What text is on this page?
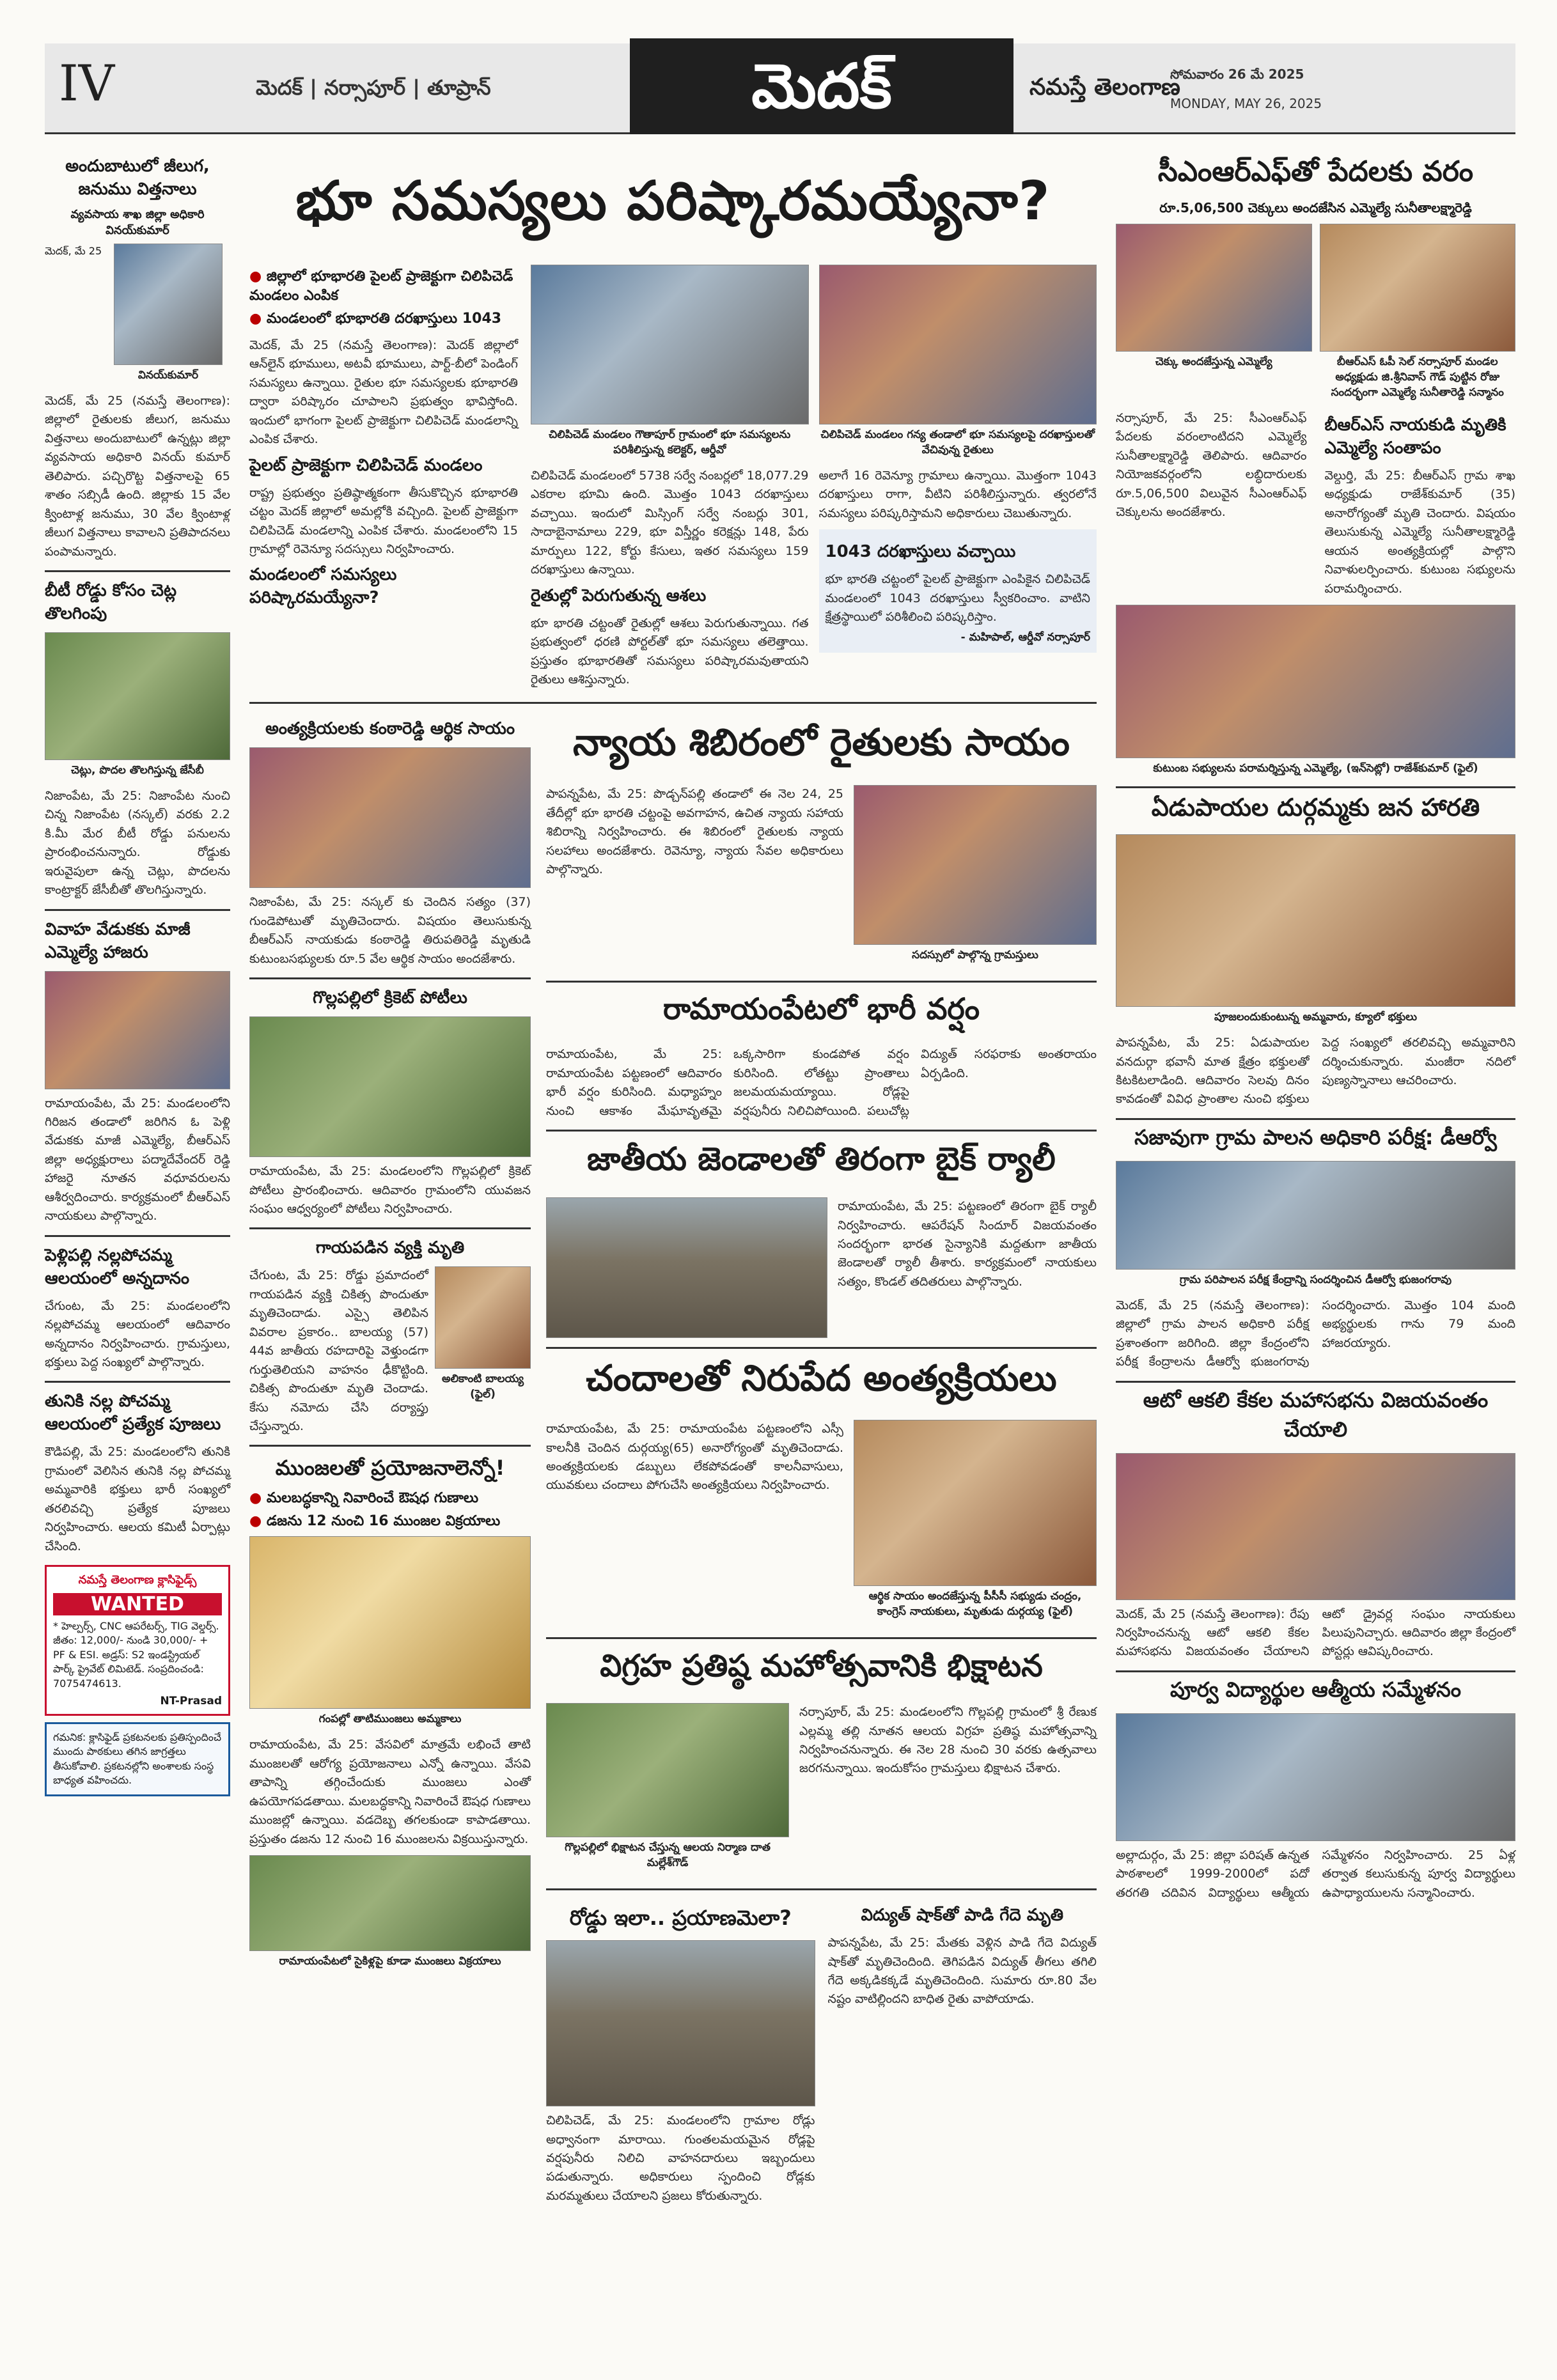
IV	మెదక్ | నర్సాపూర్ | తూప్రాన్	మెదక్	నమస్తే తెలంగాణ
సోమవారం 26 మే 2025
MONDAY, MAY 26, 2025
అందుబాటులో జీలుగ, జనుము విత్తనాలు
వ్యవసాయ శాఖ జిల్లా అధికారి వినయ్‌కుమార్
మెదక్, మే 25
వినయ్‌కుమార్
మెదక్, మే 25 (నమస్తే తెలంగాణ): జిల్లాలో రైతులకు జీలుగ, జనుము విత్తనాలు అందుబాటులో ఉన్నట్లు జిల్లా వ్యవసాయ అధికారి వినయ్ కుమార్ తెలిపారు. పచ్చిరొట్ట విత్తనాలపై 65 శాతం సబ్సిడీ ఉంది. జిల్లాకు 15 వేల క్వింటాళ్ల జనుము, 30 వేల క్వింటాళ్ల జీలుగ విత్తనాలు కావాలని ప్రతిపాదనలు పంపామన్నారు.
బీటీ రోడ్డు కోసం చెట్ల తొలగింపు
చెట్లు, పొదల తొలగిస్తున్న జేసీబీ
నిజాంపేట, మే 25: నిజాంపేట నుంచి చిన్న నిజాంపేట (నస్కల్) వరకు 2.2 కి.మీ మేర బీటీ రోడ్డు పనులను ప్రారంభించనున్నారు. రోడ్డుకు ఇరువైపులా ఉన్న చెట్లు, పొదలను కాంట్రాక్టర్ జేసీబీతో తొలగిస్తున్నారు.
వివాహ వేడుకకు మాజీ ఎమ్మెల్యే హాజరు
రామాయంపేట, మే 25: మండలంలోని గిరిజన తండాలో జరిగిన ఓ పెళ్లి వేడుకకు మాజీ ఎమ్మెల్యే, బీఆర్‌ఎస్ జిల్లా అధ్యక్షురాలు పద్మాదేవేందర్ రెడ్డి హాజరై నూతన వధూవరులను ఆశీర్వదించారు. కార్యక్రమంలో బీఆర్‌ఎస్ నాయకులు పాల్గొన్నారు.
పెళ్లిపల్లి నల్లపోచమ్మ ఆలయంలో అన్నదానం
చేగుంట, మే 25: మండలంలోని నల్లపోచమ్మ ఆలయంలో ఆదివారం అన్నదానం నిర్వహించారు. గ్రామస్తులు, భక్తులు పెద్ద సంఖ్యలో పాల్గొన్నారు.
తునికి నల్ల పోచమ్మ ఆలయంలో ప్రత్యేక పూజలు
కౌడిపల్లి, మే 25: మండలంలోని తునికి గ్రామంలో వెలిసిన తునికి నల్ల పోచమ్మ అమ్మవారికి భక్తులు భారీ సంఖ్యలో తరలివచ్చి ప్రత్యేక పూజలు నిర్వహించారు. ఆలయ కమిటీ ఏర్పాట్లు చేసింది.
నమస్తే తెలంగాణ క్లాసిఫైడ్స్
WANTED
* హెల్పర్స్, CNC ఆపరేటర్స్, TIG వెల్డర్స్. జీతం: 12,000/- నుండి 30,000/- + PF & ESI. అడ్రస్: S2 ఇండస్ట్రియల్ పార్క్ ప్రైవేట్ లిమిటెడ్. సంప్రదించండి: 7075474613.
NT-Prasad
గమనిక: క్లాసిఫైడ్ ప్రకటనలకు ప్రతిస్పందించే ముందు పాఠకులు తగిన జాగ్రత్తలు తీసుకోవాలి. ప్రకటనల్లోని అంశాలకు సంస్థ బాధ్యత వహించదు.
భూ సమస్యలు పరిష్కారమయ్యేనా?
● జిల్లాలో భూభారతి పైలట్ ప్రాజెక్టుగా చిలిపిచెడ్ మండలం ఎంపిక
● మండలంలో భూభారతి దరఖాస్తులు 1043
మెదక్, మే 25 (నమస్తే తెలంగాణ): మెదక్ జిల్లాలో ఆన్‌లైన్ భూములు, అటవీ భూములు, పార్ట్-బీలో పెండింగ్ సమస్యలు ఉన్నాయి. రైతుల భూ సమస్యలకు భూభారతి ద్వారా పరిష్కారం చూపాలని ప్రభుత్వం భావిస్తోంది. ఇందులో భాగంగా పైలట్ ప్రాజెక్టుగా చిలిపిచెడ్ మండలాన్ని ఎంపిక చేశారు.
పైలట్ ప్రాజెక్టుగా చిలిపిచెడ్ మండలం
రాష్ట్ర ప్రభుత్వం ప్రతిష్ఠాత్మకంగా తీసుకొచ్చిన భూభారతి చట్టం మెదక్ జిల్లాలో అమల్లోకి వచ్చింది. పైలట్ ప్రాజెక్టుగా చిలిపిచెడ్ మండలాన్ని ఎంపిక చేశారు. మండలంలోని 15 గ్రామాల్లో రెవెన్యూ సదస్సులు నిర్వహించారు.
మండలంలో సమస్యలు పరిష్కారమయ్యేనా?
చిలిపిచెడ్ మండలం గౌతాపూర్ గ్రామంలో భూ సమస్యలను పరిశీలిస్తున్న కలెక్టర్, ఆర్డీవో
చిలిపిచెడ్ మండలం గన్య తండాలో భూ సమస్యలపై దరఖాస్తులతో వేచివున్న రైతులు
చిలిపిచెడ్ మండలంలో 5738 సర్వే నంబర్లలో 18,077.29 ఎకరాల భూమి ఉంది. మొత్తం 1043 దరఖాస్తులు వచ్చాయి. ఇందులో మిస్సింగ్ సర్వే నంబర్లు 301, సాదాబైనామాలు 229, భూ విస్తీర్ణం కరెక్షన్లు 148, పేరు మార్పులు 122, కోర్టు కేసులు, ఇతర సమస్యలు 159 దరఖాస్తులు ఉన్నాయి.
రైతుల్లో పెరుగుతున్న ఆశలు
భూ భారతి చట్టంతో రైతుల్లో ఆశలు పెరుగుతున్నాయి. గత ప్రభుత్వంలో ధరణి పోర్టల్‌తో భూ సమస్యలు తలెత్తాయి. ప్రస్తుతం భూభారతితో సమస్యలు పరిష్కారమవుతాయని రైతులు ఆశిస్తున్నారు.
అలాగే 16 రెవెన్యూ గ్రామాలు ఉన్నాయి. మొత్తంగా 1043 దరఖాస్తులు రాగా, వీటిని పరిశీలిస్తున్నారు. త్వరలోనే సమస్యలు పరిష్కరిస్తామని అధికారులు చెబుతున్నారు.
1043 దరఖాస్తులు వచ్చాయి
భూ భారతి చట్టంలో పైలట్ ప్రాజెక్టుగా ఎంపికైన చిలిపిచెడ్ మండలంలో 1043 దరఖాస్తులు స్వీకరించాం. వాటిని క్షేత్రస్థాయిలో పరిశీలించి పరిష్కరిస్తాం.
- మహిపాల్, ఆర్డీవో నర్సాపూర్
అంత్యక్రియలకు కంఠారెడ్డి ఆర్థిక సాయం
నిజాంపేట, మే 25: నస్కల్ కు చెందిన సత్యం (37) గుండెపోటుతో మృతిచెందారు. విషయం తెలుసుకున్న బీఆర్‌ఎస్ నాయకుడు కంఠారెడ్డి తిరుపతిరెడ్డి మృతుడి కుటుంబసభ్యులకు రూ.5 వేల ఆర్థిక సాయం అందజేశారు.
గొల్లపల్లిలో క్రికెట్ పోటీలు
రామాయంపేట, మే 25: మండలంలోని గొల్లపల్లిలో క్రికెట్ పోటీలు ప్రారంభించారు. ఆదివారం గ్రామంలోని యువజన సంఘం ఆధ్వర్యంలో పోటీలు నిర్వహించారు.
గాయపడిన వ్యక్తి మృతి
చేగుంట, మే 25: రోడ్డు ప్రమాదంలో గాయపడిన వ్యక్తి చికిత్స పొందుతూ మృతిచెందాడు. ఎస్సై తెలిపిన వివరాల ప్రకారం.. బాలయ్య (57) 44వ జాతీయ రహదారిపై వెళ్తుండగా గుర్తుతెలియని వాహనం ఢీకొట్టింది. చికిత్స పొందుతూ మృతి చెందాడు. కేసు నమోదు చేసి దర్యాప్తు చేస్తున్నారు.
అలికాంటి బాలయ్య (ఫైల్)
ముంజలతో ప్రయోజనాలెన్నో!
● మలబద్ధకాన్ని నివారించే ఔషధ గుణాలు
● డజను 12 నుంచి 16 ముంజల విక్రయాలు
గంపల్లో తాటిముంజలు అమ్మకాలు
రామాయంపేట, మే 25: వేసవిలో మాత్రమే లభించే తాటి ముంజలతో ఆరోగ్య ప్రయోజనాలు ఎన్నో ఉన్నాయి. వేసవి తాపాన్ని తగ్గించేందుకు ముంజలు ఎంతో ఉపయోగపడతాయి. మలబద్ధకాన్ని నివారించే ఔషధ గుణాలు ముంజల్లో ఉన్నాయి. వడదెబ్బ తగలకుండా కాపాడతాయి. ప్రస్తుతం డజను 12 నుంచి 16 ముంజలను విక్రయిస్తున్నారు.
రామాయంపేటలో సైకిళ్లపై కూడా ముంజలు విక్రయాలు
న్యాయ శిబిరంలో రైతులకు సాయం
పాపన్నపేట, మే 25: పొడ్చన్‌పల్లి తండాలో ఈ నెల 24, 25 తేదీల్లో భూ భారతి చట్టంపై అవగాహన, ఉచిత న్యాయ సహాయ శిబిరాన్ని నిర్వహించారు. ఈ శిబిరంలో రైతులకు న్యాయ సలహాలు అందజేశారు. రెవెన్యూ, న్యాయ సేవల అధికారులు పాల్గొన్నారు.
సదస్సులో పాల్గొన్న గ్రామస్తులు
రామాయంపేటలో భారీ వర్షం
రామాయంపేట, మే 25: రామాయంపేట పట్టణంలో ఆదివారం భారీ వర్షం కురిసింది. మధ్యాహ్నం నుంచి ఆకాశం మేఘావృతమై ఒక్కసారిగా కుండపోత వర్షం కురిసింది. లోతట్టు ప్రాంతాలు జలమయమయ్యాయి. రోడ్లపై వర్షపునీరు నిలిచిపోయింది. పలుచోట్ల విద్యుత్ సరఫరాకు అంతరాయం ఏర్పడింది.
జాతీయ జెండాలతో తిరంగా బైక్ ర్యాలీ
రామాయంపేట, మే 25: పట్టణంలో తిరంగా బైక్ ర్యాలీ నిర్వహించారు. ఆపరేషన్ సిందూర్ విజయవంతం సందర్భంగా భారత సైన్యానికి మద్దతుగా జాతీయ జెండాలతో ర్యాలీ తీశారు. కార్యక్రమంలో నాయకులు సత్యం, కొండల్ తదితరులు పాల్గొన్నారు.
చందాలతో నిరుపేద అంత్యక్రియలు
రామాయంపేట, మే 25: రామాయంపేట పట్టణంలోని ఎస్సీ కాలనీకి చెందిన దుర్గయ్య(65) అనారోగ్యంతో మృతిచెందాడు. అంత్యక్రియలకు డబ్బులు లేకపోవడంతో కాలనీవాసులు, యువకులు చందాలు పోగుచేసి అంత్యక్రియలు నిర్వహించారు.
ఆర్థిక సాయం అందజేస్తున్న పీసీసీ సభ్యుడు చంద్రం, కాంగ్రెస్ నాయకులు, మృతుడు దుర్గయ్య (ఫైల్)
విగ్రహ ప్రతిష్ఠ మహోత్సవానికి భిక్షాటన
గొల్లపల్లిలో భిక్షాటన చేస్తున్న ఆలయ నిర్మాణ దాత మల్లేశ్‌గౌడ్
నర్సాపూర్, మే 25: మండలంలోని గొల్లపల్లి గ్రామంలో శ్రీ రేణుక ఎల్లమ్మ తల్లి నూతన ఆలయ విగ్రహ ప్రతిష్ఠ మహోత్సవాన్ని నిర్వహించనున్నారు. ఈ నెల 28 నుంచి 30 వరకు ఉత్సవాలు జరగనున్నాయి. ఇందుకోసం గ్రామస్తులు భిక్షాటన చేశారు.
రోడ్డు ఇలా.. ప్రయాణమెలా?
చిలిపిచెడ్, మే 25: మండలంలోని గ్రామాల రోడ్లు అధ్వానంగా మారాయి. గుంతలమయమైన రోడ్లపై వర్షపునీరు నిలిచి వాహనదారులు ఇబ్బందులు పడుతున్నారు. అధికారులు స్పందించి రోడ్లకు మరమ్మతులు చేయాలని ప్రజలు కోరుతున్నారు.
విద్యుత్ షాక్‌తో పాడి గేదె మృతి
పాపన్నపేట, మే 25: మేతకు వెళ్లిన పాడి గేదె విద్యుత్ షాక్‌తో మృతిచెందింది. తెగిపడిన విద్యుత్ తీగలు తగిలి గేదె అక్కడికక్కడే మృతిచెందింది. సుమారు రూ.80 వేల నష్టం వాటిల్లిందని బాధిత రైతు వాపోయాడు.
సీఎంఆర్‌ఎఫ్‌తో పేదలకు వరం
రూ.5,06,500 చెక్కులు అందజేసిన ఎమ్మెల్యే సునీతాలక్ష్మారెడ్డి
చెక్కు అందజేస్తున్న ఎమ్మెల్యే	బీఆర్‌ఎస్ ఓపీ సెల్ నర్సాపూర్ మండల అధ్యక్షుడు జి.శ్రీనివాస్ గౌడ్ పుట్టిన రోజు సందర్భంగా ఎమ్మెల్యే సునీతారెడ్డి సన్మానం
నర్సాపూర్, మే 25: సీఎంఆర్‌ఎఫ్ పేదలకు వరంలాంటిదని ఎమ్మెల్యే సునీతాలక్ష్మారెడ్డి తెలిపారు. ఆదివారం నియోజకవర్గంలోని లబ్ధిదారులకు రూ.5,06,500 విలువైన సీఎంఆర్‌ఎఫ్ చెక్కులను అందజేశారు.
బీఆర్‌ఎస్ నాయకుడి మృతికి ఎమ్మెల్యే సంతాపం
వెల్దుర్తి, మే 25: బీఆర్‌ఎస్ గ్రామ శాఖ అధ్యక్షుడు రాజేశ్‌కుమార్ (35) అనారోగ్యంతో మృతి చెందారు. విషయం తెలుసుకున్న ఎమ్మెల్యే సునీతాలక్ష్మారెడ్డి ఆయన అంత్యక్రియల్లో పాల్గొని నివాళులర్పించారు. కుటుంబ సభ్యులను పరామర్శించారు.
కుటుంబ సభ్యులను పరామర్శిస్తున్న ఎమ్మెల్యే, (ఇన్‌సెట్లో) రాజేశ్‌కుమార్ (ఫైల్)
ఏడుపాయల దుర్గమ్మకు జన హారతి
పూజలందుకుంటున్న అమ్మవారు, క్యూలో భక్తులు
పాపన్నపేట, మే 25: ఏడుపాయల వనదుర్గా భవానీ మాత క్షేత్రం భక్తులతో కిటకిటలాడింది. ఆదివారం సెలవు దినం కావడంతో వివిధ ప్రాంతాల నుంచి భక్తులు పెద్ద సంఖ్యలో తరలివచ్చి అమ్మవారిని దర్శించుకున్నారు. మంజీరా నదిలో పుణ్యస్నానాలు ఆచరించారు.
సజావుగా గ్రామ పాలన అధికారి పరీక్ష: డీఆర్వో
గ్రామ పరిపాలన పరీక్ష కేంద్రాన్ని సందర్శించిన డీఆర్వో భుజంగరావు
మెదక్, మే 25 (నమస్తే తెలంగాణ): జిల్లాలో గ్రామ పాలన అధికారి పరీక్ష ప్రశాంతంగా జరిగింది. జిల్లా కేంద్రంలోని పరీక్ష కేంద్రాలను డీఆర్వో భుజంగరావు సందర్శించారు. మొత్తం 104 మంది అభ్యర్థులకు గాను 79 మంది హాజరయ్యారు.
ఆటో ఆకలి కేకల మహాసభను విజయవంతం చేయాలి
మెదక్, మే 25 (నమస్తే తెలంగాణ): రేపు నిర్వహించనున్న ఆటో ఆకలి కేకల మహాసభను విజయవంతం చేయాలని ఆటో డ్రైవర్ల సంఘం నాయకులు పిలుపునిచ్చారు. ఆదివారం జిల్లా కేంద్రంలో పోస్టర్లు ఆవిష్కరించారు.
పూర్వ విద్యార్థుల ఆత్మీయ సమ్మేళనం
అల్లాదుర్గం, మే 25: జిల్లా పరిషత్ ఉన్నత పాఠశాలలో 1999-2000లో పదో తరగతి చదివిన విద్యార్థులు ఆత్మీయ సమ్మేళనం నిర్వహించారు. 25 ఏళ్ల తర్వాత కలుసుకున్న పూర్వ విద్యార్థులు ఉపాధ్యాయులను సన్మానించారు.
